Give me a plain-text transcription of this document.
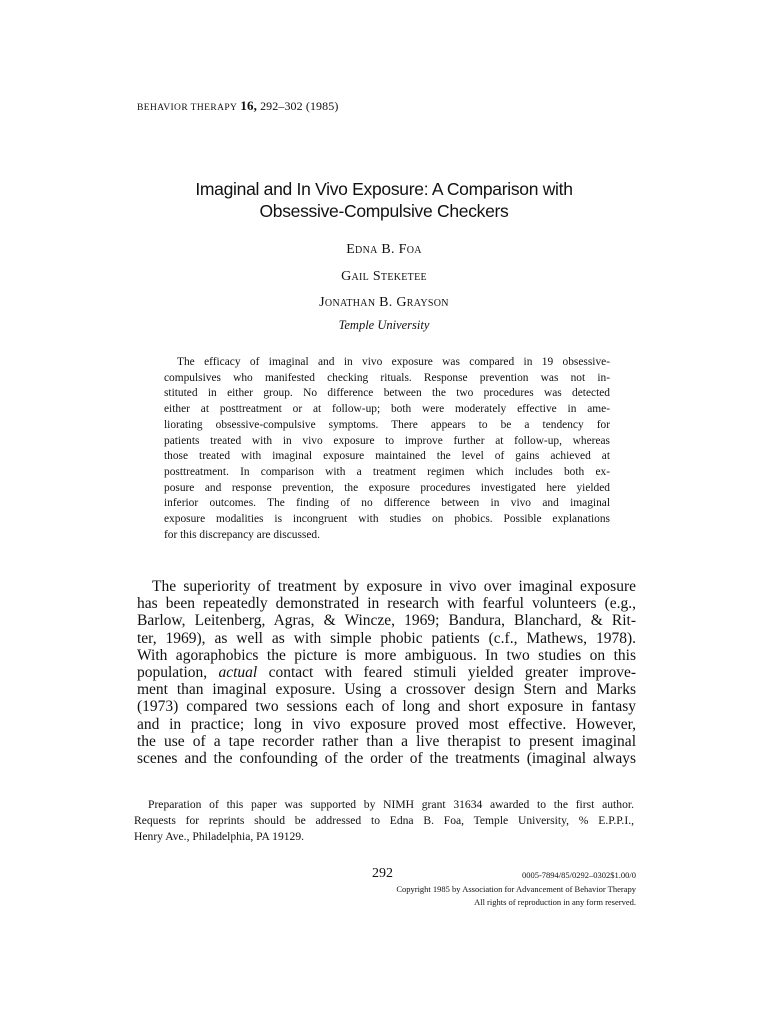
BEHAVIOR THERAPY 16, 292–302 (1985)
Imaginal and In Vivo Exposure: A Comparison with
Obsessive-Compulsive Checkers
Edna B. Foa
Gail Steketee
Jonathan B. Grayson
Temple University
The efficacy of imaginal and in vivo exposure was compared in 19 obsessive-
compulsives who manifested checking rituals. Response prevention was not in-
stituted in either group. No difference between the two procedures was detected
either at posttreatment or at follow-up; both were moderately effective in ame-
liorating obsessive-compulsive symptoms. There appears to be a tendency for
patients treated with in vivo exposure to improve further at follow-up, whereas
those treated with imaginal exposure maintained the level of gains achieved at
posttreatment. In comparison with a treatment regimen which includes both ex-
posure and response prevention, the exposure procedures investigated here yielded
inferior outcomes. The finding of no difference between in vivo and imaginal
exposure modalities is incongruent with studies on phobics. Possible explanations
for this discrepancy are discussed.
The superiority of treatment by exposure in vivo over imaginal exposure
has been repeatedly demonstrated in research with fearful volunteers (e.g.,
Barlow, Leitenberg, Agras, & Wincze, 1969; Bandura, Blanchard, & Rit-
ter, 1969), as well as with simple phobic patients (c.f., Mathews, 1978).
With agoraphobics the picture is more ambiguous. In two studies on this
population, actual contact with feared stimuli yielded greater improve-
ment than imaginal exposure. Using a crossover design Stern and Marks
(1973) compared two sessions each of long and short exposure in fantasy
and in practice; long in vivo exposure proved most effective. However,
the use of a tape recorder rather than a live therapist to present imaginal
scenes and the confounding of the order of the treatments (imaginal always
Preparation of this paper was supported by NIMH grant 31634 awarded to the first author.
Requests for reprints should be addressed to Edna B. Foa, Temple University, % E.P.P.I.,
Henry Ave., Philadelphia, PA 19129.
292	0005-7894/85/0292–0302$1.00/0
Copyright 1985 by Association for Advancement of Behavior Therapy
All rights of reproduction in any form reserved.
